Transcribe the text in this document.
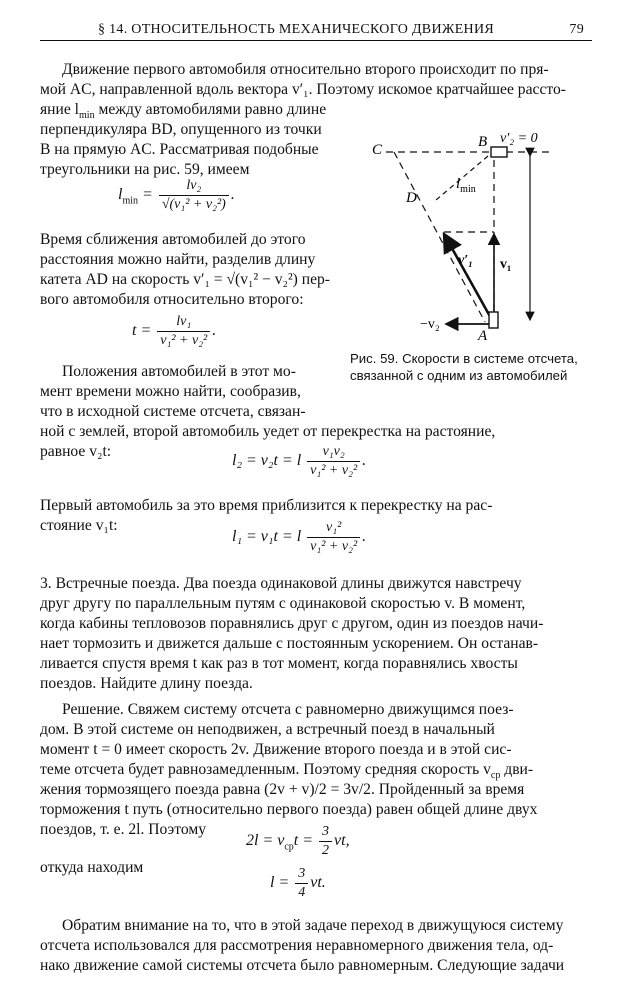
§ 14. ОТНОСИТЕЛЬНОСТЬ МЕХАНИЧЕСКОГО ДВИЖЕНИЯ	79

Движение первого автомобиля относительно второго происходит по пря-

мой AC, направленной вдоль вектора v′₁. Поэтому искомое кратчайшее рассто-

яние $l_{min}$ между автомобилями равно длине

перпендикуляра BD, опущенного из точки

B на прямую AC. Рассматривая подобные

треугольники на рис. 59, имеем

$l_{min} = \frac{\text{lv₂}}{\text{√(v₁² + v₂²)}}$ .

Время сближения автомобилей до этого

расстояния можно найти, разделив длину

катета AD на скорость v′₁ = √(v₁² − v₂²) пер-

вого автомобиля относительно второго:

$t = \frac{\text{lv₁}}{\text{v₁² + v₂²}}$ .
C	B v′₂ = 0
D
$l_{min}$
v′₁ v₁
−v₂
A
Рис. 59. Скорости в системе отсчета,
связанной с одним из автомобилей

Положения автомобилей в этот мо-

мент времени можно найти, сообразив,

что в исходной системе отсчета, связан-

ной с землей, второй автомобиль уедет от перекрестка на растояние,

равное v₂t:

l₂ = v₂t = l $\frac{\text{v₁v₂}}{\text{v₁² + v₂²}}$ .

Первый автомобиль за это время приблизится к перекрестку на рас-

стояние v₁t:

l₁ = v₁t = l $\frac{\text{v₁²}}{\text{v₁² + v₂²}}$ .

3. Встречные поезда. Два поезда одинаковой длины движутся навстречу

друг другу по параллельным путям с одинаковой скоростью v. В момент,

когда кабины тепловозов поравнялись друг с другом, один из поездов начи-

нает тормозить и движется дальше с постоянным ускорением. Он останав-

ливается спустя время t как раз в тот момент, когда поравнялись хвосты

поездов. Найдите длину поезда.

Решение. Свяжем систему отсчета с равномерно движущимся поез-

дом. В этой системе он неподвижен, а встречный поезд в начальный

момент t = 0 имеет скорость 2v. Движение второго поезда и в этой сис-

теме отсчета будет равнозамедленным. Поэтому средняя скорость $v_{ср}$ дви-

жения тормозящего поезда равна (2v + v)/2 = 3v/2. Пройденный за время

торможения t путь (относительно первого поезда) равен общей длине двух

поездов, т. е. 2l. Поэтому

$2l = v_{ср}t = \frac{3}{2}$ vt,

откуда находим

$l = \frac{3}{4}$ vt.

Обратим внимание на то, что в этой задаче переход в движущуюся систему

отсчета использовался для рассмотрения неравномерного движения тела, од-

нако движение самой системы отсчета было равномерным. Следующие задачи
